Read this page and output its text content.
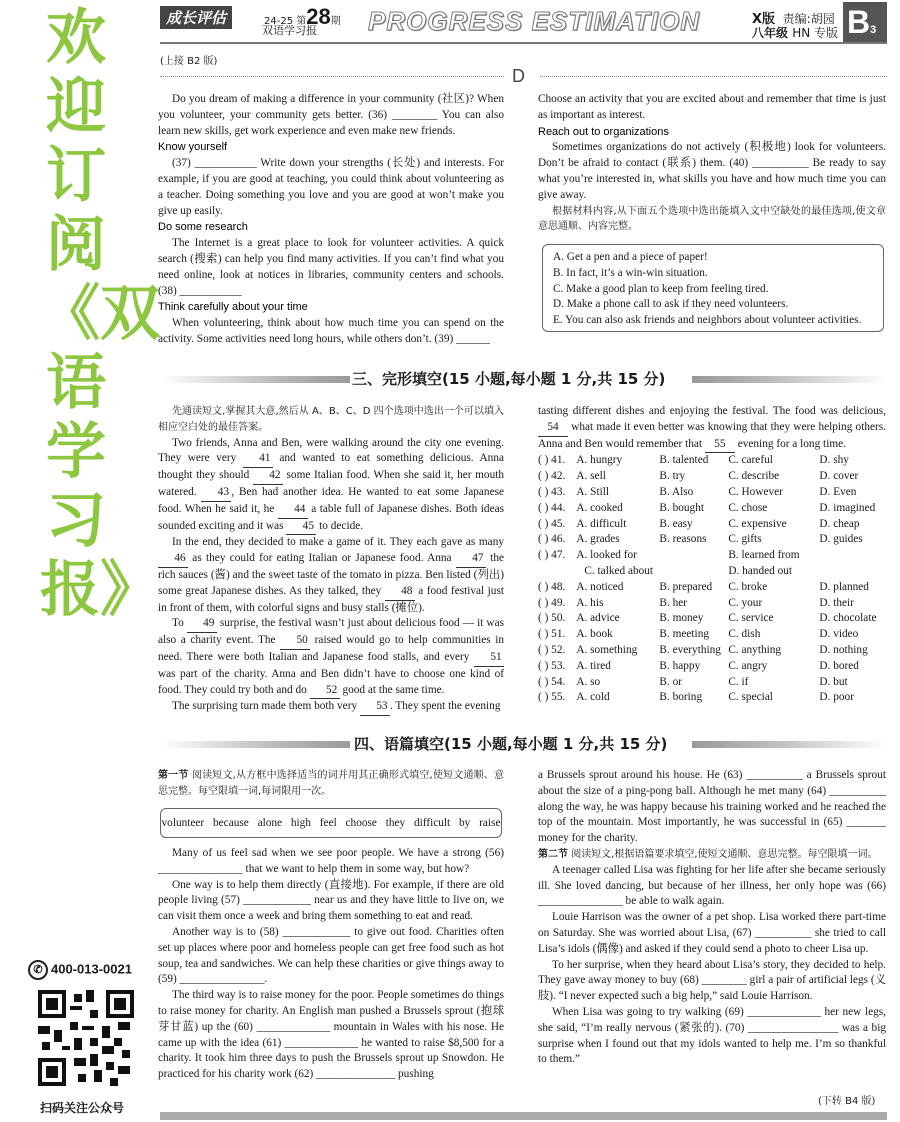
欢迎订阅《双语学习报》
✆ 400-013-0021
扫码关注公众号
成长评估	24-25 第28期
双语学习报 PROGRESS ESTIMATION	X版 责编:胡园
八年级 HN 专版 B3
(上接 B2 版)
D

Do you dream of making a difference in your community (社区)? When you volunteer, your community gets better. (36) ________ You can also learn new skills, get work experience and even make new friends.

Know yourself

(37) ___________ Write down your strengths (长处) and interests. For example, if you are good at teaching, you could think about volunteering as a teacher. Doing something you love and you are good at won’t make you give up easily.

Do some research

The Internet is a great place to look for volunteer activities. A quick search (搜索) can help you find many activities. If you can’t find what you need online, look at notices in libraries, community centers and schools. (38) ___________

Think carefully about your time

When volunteering, think about how much time you can spend on the activity. Some activities need long hours, while others don’t. (39) ______

Choose an activity that you are excited about and remember that time is just as important as interest.

Reach out to organizations

Sometimes organizations do not actively (积极地) look for volunteers. Don’t be afraid to contact (联系) them. (40) __________ Be ready to say what you’re interested in, what skills you have and how much time you can give away.

根据材料内容,从下面五个选项中选出能填入文中空缺处的最佳选项,使文章意思通顺、内容完整。

A. Get a pen and a piece of paper!
B. In fact, it’s a win-win situation.
C. Make a good plan to keep from feeling tired.
D. Make a phone call to ask if they need volunteers.
E. You can also ask friends and neighbors about volunteer activities.
三、完形填空(15 小题,每小题 1 分,共 15 分)

先通读短文,掌握其大意,然后从 A、B、C、D 四个选项中选出一个可以填入相应空白处的最佳答案。

Two friends, Anna and Ben, were walking around the city one evening. They were very 41 and wanted to eat something delicious. Anna thought they should 42 some Italian food. When she said it, her mouth watered. 43 , Ben had another idea. He wanted to eat some Japanese food. When he said it, he 44 a table full of Japanese dishes. Both ideas sounded exciting and it was 45 to decide.

In the end, they decided to make a game of it. They each gave as many 46 as they could for eating Italian or Japanese food. Anna 47 the rich sauces (酱) and the sweet taste of the tomato in pizza. Ben listed (列出) some great Japanese dishes. As they talked, they 48 a food festival just in front of them, with colorful signs and busy stalls (摊位).

To 49 surprise, the festival wasn’t just about delicious food — it was also a charity event. The 50 raised would go to help communities in need. There were both Italian and Japanese food stalls, and every 51 was part of the charity. Anna and Ben didn’t have to choose one kind of food. They could try both and do 52 good at the same time.

The surprising turn made them both very 53 . They spent the evening

tasting different dishes and enjoying the festival. The food was delicious, 54 what made it even better was knowing that they were helping others. Anna and Ben would remember that 55 evening for a long time.

( ) 41.	A. hungry	B. talented	C. careful	D. shy
( ) 42.	A. sell	B. try	C. describe	D. cover
( ) 43.	A. Still	B. Also	C. However	D. Even
( ) 44.	A. cooked	B. bought	C. chose	D. imagined
( ) 45.	A. difficult	B. easy	C. expensive	D. cheap
( ) 46.	A. grades	B. reasons	C. gifts	D. guides
( ) 47.	A. looked for		B. learned from	
	C. talked about		D. handed out	
( ) 48.	A. noticed	B. prepared	C. broke	D. planned
( ) 49.	A. his	B. her	C. your	D. their
( ) 50.	A. advice	B. money	C. service	D. chocolate
( ) 51.	A. book	B. meeting	C. dish	D. video
( ) 52.	A. something	B. everything	C. anything	D. nothing
( ) 53.	A. tired	B. happy	C. angry	D. bored
( ) 54.	A. so	B. or	C. if	D. but
( ) 55.	A. cold	B. boring	C. special	D. poor
四、语篇填空(15 小题,每小题 1 分,共 15 分)

第一节 阅读短文,从方框中选择适当的词并用其正确形式填空,使短文通顺、意思完整。每空限填一词,每词限用一次。

volunteer because alone high feel choose they difficult by raise

Many of us feel sad when we see poor people. We have a strong (56) _______________ that we want to help them in some way, but how?

One way is to help them directly (直接地). For example, if there are old people living (57) ____________ near us and they have little to live on, we can visit them once a week and bring them something to eat and read.

Another way is to (58) ____________ to give out food. Charities often set up places where poor and homeless people can get free food such as hot soup, tea and sandwiches. We can help these charities or give things away to (59) _______________.

The third way is to raise money for the poor. People sometimes do things to raise money for charity. An English man pushed a Brussels sprout (抱球芽甘蓝) up the (60) _____________ mountain in Wales with his nose. He came up with the idea (61) _____________ he wanted to raise $8,500 for a charity. It took him three days to push the Brussels sprout up Snowdon. He practiced for his charity work (62) ______________ pushing

a Brussels sprout around his house. He (63) __________ a Brussels sprout about the size of a ping-pong ball. Although he met many (64) __________ along the way, he was happy because his training worked and he reached the top of the mountain. Most importantly, he was successful in (65) _______ money for the charity.

第二节 阅读短文,根据语篇要求填空,使短文通顺、意思完整。每空限填一词。

A teenager called Lisa was fighting for her life after she became seriously ill. She loved dancing, but because of her illness, her only hope was (66) _______________ be able to walk again.

Louie Harrison was the owner of a pet shop. Lisa worked there part-time on Saturday. She was worried about Lisa, (67) __________ she tried to call Lisa’s idols (偶像) and asked if they could send a photo to cheer Lisa up.

To her surprise, when they heard about Lisa’s story, they decided to help. They gave away money to buy (68) ________ girl a pair of artificial legs (义肢). “I never expected such a big help,” said Louie Harrison.

When Lisa was going to try walking (69) _____________ her new legs, she said, “I’m really nervous (紧张的). (70) ________________ was a big surprise when I found out that my idols wanted to help me. I’m so thankful to them.”

(下转 B4 版)
